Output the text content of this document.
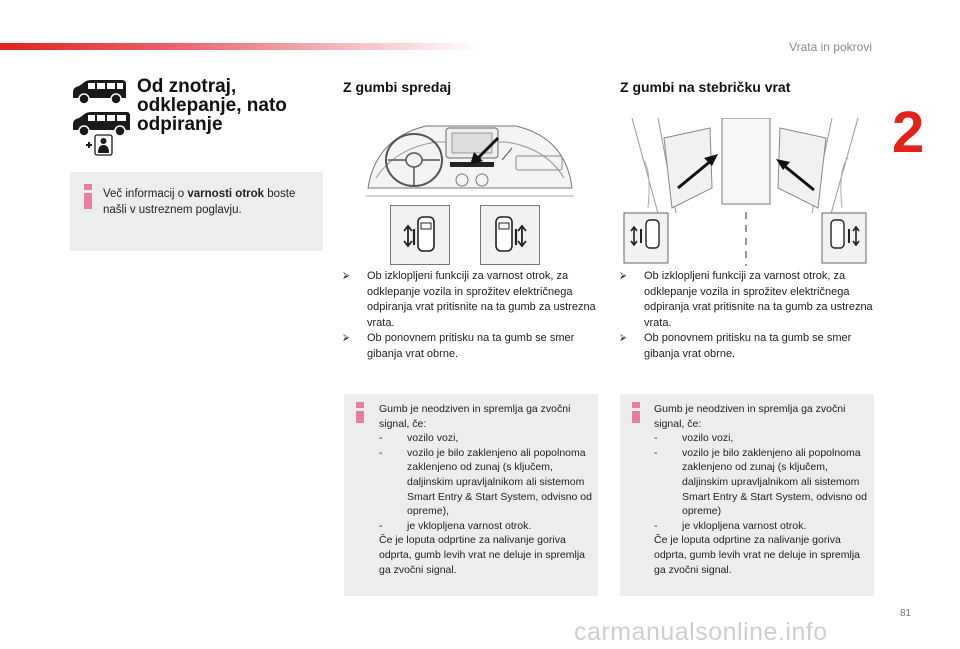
Vrata in pokrovi
2
Od znotraj,
odklepanje, nato
odpiranje
Več informacij o varnosti otrok boste našli v ustreznem poglavju.
Z gumbi spredaj	Z gumbi na stebričku vrat
⮚ Ob izklopljeni funkciji za varnost otrok, za odklepanje vozila in sprožitev električnega odpiranja vrat pritisnite na ta gumb za ustrezna vrata.
⮚ Ob ponovnem pritisku na ta gumb se smer gibanja vrat obrne.
⮚ Ob izklopljeni funkciji za varnost otrok, za odklepanje vozila in sprožitev električnega odpiranja vrat pritisnite na ta gumb za ustrezna vrata.
⮚ Ob ponovnem pritisku na ta gumb se smer gibanja vrat obrne.
Gumb je neodziven in spremlja ga zvočni signal, če:
- vozilo vozi,
- vozilo je bilo zaklenjeno ali popolnoma zaklenjeno od zunaj (s ključem, daljinskim upravljalnikom ali sistemom Smart Entry & Start System, odvisno od opreme),
- je vklopljena varnost otrok.
Če je loputa odprtine za nalivanje goriva odprta, gumb levih vrat ne deluje in spremlja ga zvočni signal.
Gumb je neodziven in spremlja ga zvočni signal, če:
- vozilo vozi,
- vozilo je bilo zaklenjeno ali popolnoma zaklenjeno od zunaj (s ključem, daljinskim upravljalnikom ali sistemom Smart Entry & Start System, odvisno od opreme)
- je vklopljena varnost otrok.
Če je loputa odprtine za nalivanje goriva odprta, gumb levih vrat ne deluje in spremlja ga zvočni signal.
81
carmanualsonline.info
